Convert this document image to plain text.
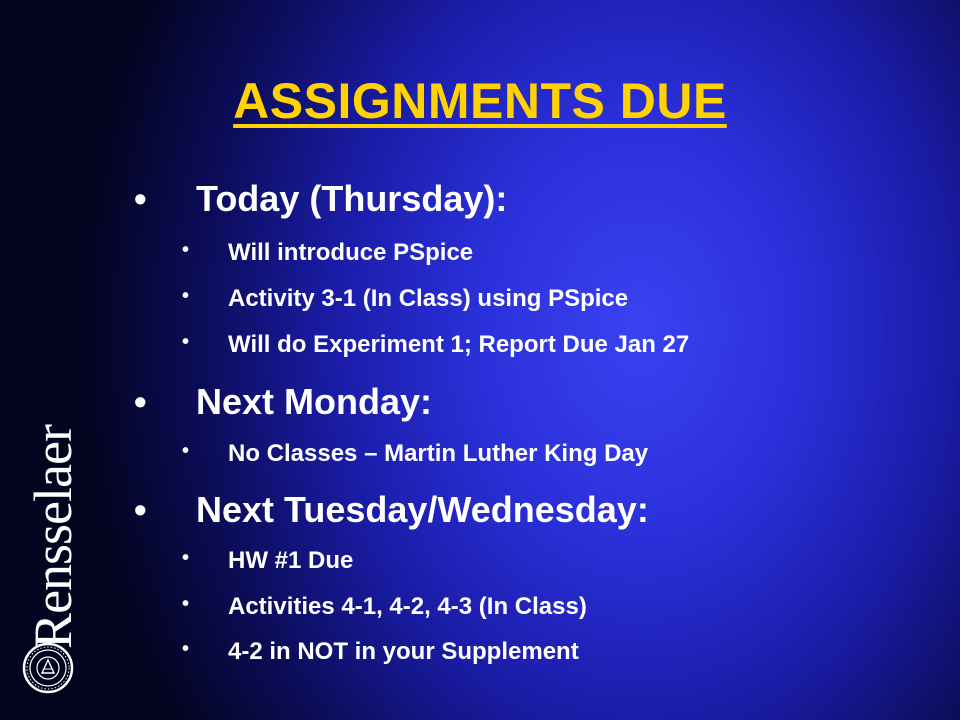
ASSIGNMENTS DUE
• Today (Thursday):
• Will introduce PSpice
• Activity 3-1 (In Class) using PSpice
• Will do Experiment 1; Report Due Jan 27
• Next Monday:
• No Classes – Martin Luther King Day
• Next Tuesday/Wednesday:
• HW #1 Due
• Activities 4-1, 4-2, 4-3 (In Class)
• 4-2 in NOT in your Supplement
Rensselaer
